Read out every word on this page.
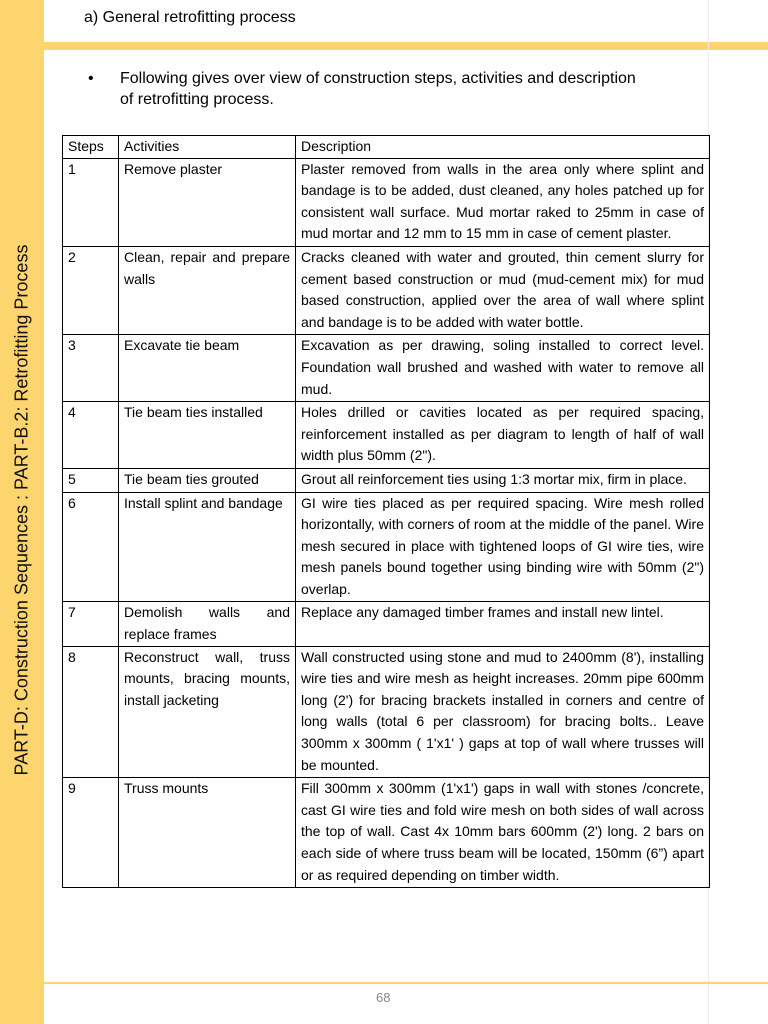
PART-D: Construction Sequences : PART-B.2: Retrofitting Process
a) General retrofitting process
• Following gives over view of construction steps, activities and description of retrofitting process.
Steps	Activities	Description
1	Remove plaster	Plaster removed from walls in the area only where splint and bandage is to be added, dust cleaned, any holes patched up for consistent wall surface. Mud mortar raked to 25mm in case of mud mortar and 12 mm to 15 mm in case of cement plaster.
2	Clean, repair and prepare walls	Cracks cleaned with water and grouted, thin cement slurry for cement based construction or mud (mud-cement mix) for mud based construction, applied over the area of wall where splint and bandage is to be added with water bottle.
3	Excavate tie beam	Excavation as per drawing, soling installed to correct level. Foundation wall brushed and washed with water to remove all mud.
4	Tie beam ties installed	Holes drilled or cavities located as per required spacing, reinforcement installed as per diagram to length of half of wall width plus 50mm (2").
5	Tie beam ties grouted	Grout all reinforcement ties using 1:3 mortar mix, firm in place.
6	Install splint and bandage	GI wire ties placed as per required spacing. Wire mesh rolled horizontally, with corners of room at the middle of the panel. Wire mesh secured in place with tightened loops of GI wire ties, wire mesh panels bound together using binding wire with 50mm (2") overlap.
7	Demolish walls and replace frames	Replace any damaged timber frames and install new lintel.
8	Reconstruct wall, truss mounts, bracing mounts, install jacketing	Wall constructed using stone and mud to 2400mm (8'), installing wire ties and wire mesh as height increases. 20mm pipe 600mm long (2') for bracing brackets installed in corners and centre of long walls (total 6 per classroom) for bracing bolts.. Leave 300mm x 300mm ( 1'x1' ) gaps at top of wall where trusses will be mounted.
9	Truss mounts	Fill 300mm x 300mm (1'x1') gaps in wall with stones /concrete, cast GI wire ties and fold wire mesh on both sides of wall across the top of wall. Cast 4x 10mm bars 600mm (2') long. 2 bars on each side of where truss beam will be located, 150mm (6”) apart or as required depending on timber width.
68
